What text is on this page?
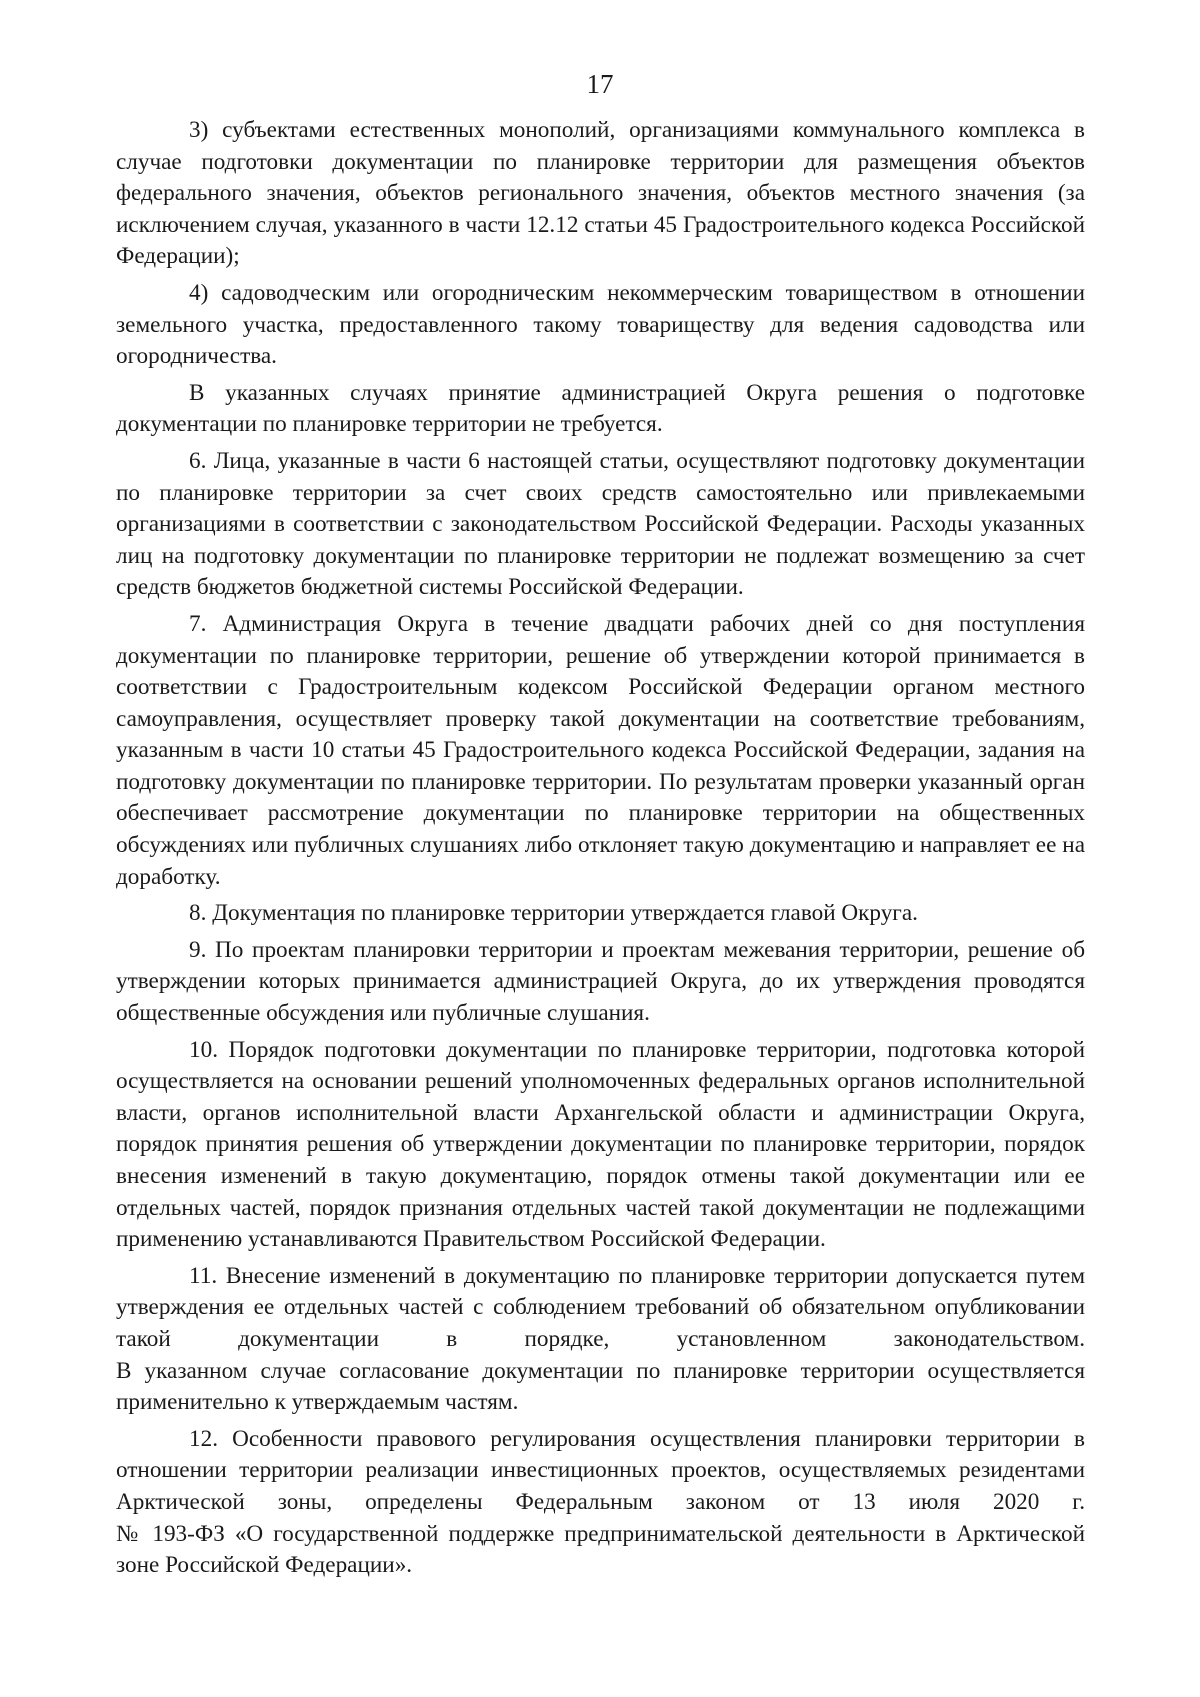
17

3) субъектами естественных монополий, организациями коммунального комплекса в случае подготовки документации по планировке территории для размещения объектов федерального значения, объектов регионального значения, объектов местного значения (за исключением случая, указанного в части 12.12 статьи 45 Градостроительного кодекса Российской Федерации);

4) садоводческим или огородническим некоммерческим товариществом в отношении земельного участка, предоставленного такому товариществу для ведения садоводства или огородничества.

В указанных случаях принятие администрацией Округа решения о подготовке документации по планировке территории не требуется.

6. Лица, указанные в части 6 настоящей статьи, осуществляют подготовку документации по планировке территории за счет своих средств самостоятельно или привлекаемыми организациями в соответствии с законодательством Российской Федерации. Расходы указанных лиц на подготовку документации по планировке территории не подлежат возмещению за счет средств бюджетов бюджетной системы Российской Федерации.

7. Администрация Округа в течение двадцати рабочих дней со дня поступления документации по планировке территории, решение об утверждении которой принимается в соответствии с Градостроительным кодексом Российской Федерации органом местного самоуправления, осуществляет проверку такой документации на соответствие требованиям, указанным в части 10 статьи 45 Градостроительного кодекса Российской Федерации, задания на подготовку документации по планировке территории. По результатам проверки указанный орган обеспечивает рассмотрение документации по планировке территории на общественных обсуждениях или публичных слушаниях либо отклоняет такую документацию и направляет ее на доработку.

8. Документация по планировке территории утверждается главой Округа.

9. По проектам планировки территории и проектам межевания территории, решение об утверждении которых принимается администрацией Округа, до их утверждения проводятся общественные обсуждения или публичные слушания.

10. Порядок подготовки документации по планировке территории, подготовка которой осуществляется на основании решений уполномоченных федеральных органов исполнительной власти, органов исполнительной власти Архангельской области и администрации Округа, порядок принятия решения об утверждении документации по планировке территории, порядок внесения изменений в такую документацию, порядок отмены такой документации или ее отдельных частей, порядок признания отдельных частей такой документации не подлежащими применению устанавливаются Правительством Российской Федерации.

11. Внесение изменений в документацию по планировке территории допускается путем утверждения ее отдельных частей с соблюдением требований об обязательном опубликовании такой документации в порядке, установленном законодательством.

В указанном случае согласование документации по планировке территории осуществляется применительно к утверждаемым частям.

12. Особенности правового регулирования осуществления планировки территории в отношении территории реализации инвестиционных проектов, осуществляемых резидентами Арктической зоны, определены Федеральным законом от 13 июля 2020 г.

№ 193-ФЗ «О государственной поддержке предпринимательской деятельности в Арктической зоне Российской Федерации».
